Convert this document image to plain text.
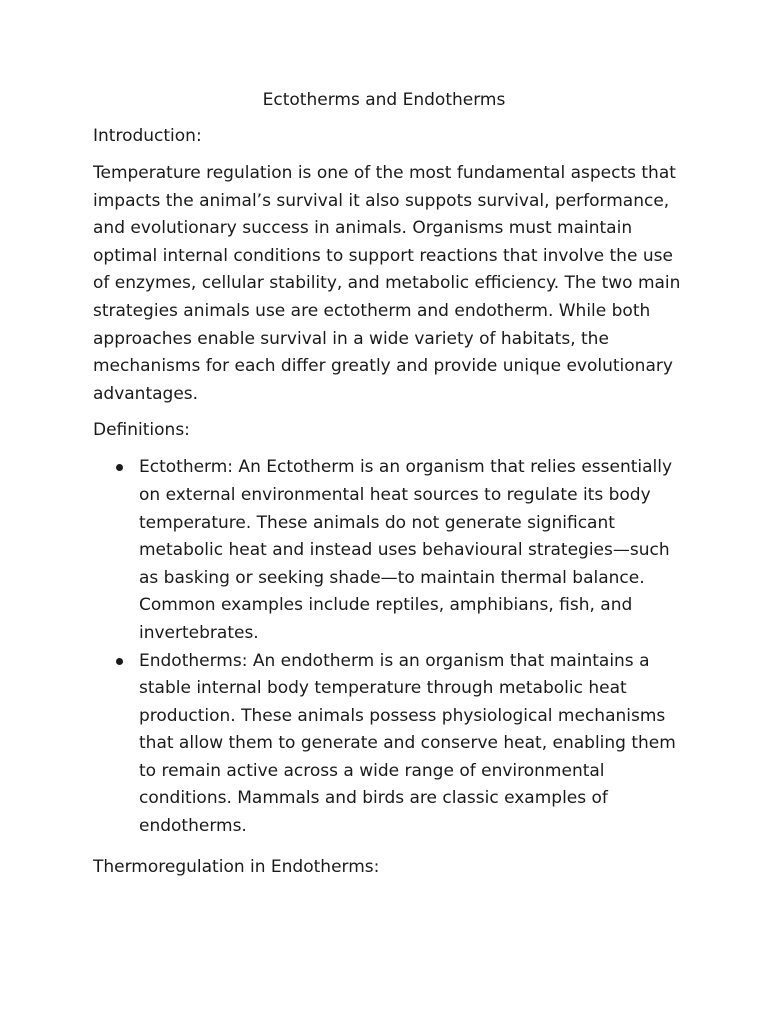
Ectotherms and Endotherms
Introduction:

Temperature regulation is one of the most fundamental aspects that impacts the animal’s survival it also suppots survival, performance, and evolutionary success in animals. Organisms must maintain optimal internal conditions to support reactions that involve the use of enzymes, cellular stability, and metabolic efficiency. The two main strategies animals use are ectotherm and endotherm. While both approaches enable survival in a wide variety of habitats, the mechanisms for each differ greatly and provide unique evolutionary advantages.

Definitions:
Ectotherm: An Ectotherm is an organism that relies essentially on external environmental heat sources to regulate its body temperature. These animals do not generate significant metabolic heat and instead uses behavioural strategies—such as basking or seeking shade—to maintain thermal balance. Common examples include reptiles, amphibians, fish, and invertebrates.
Endotherms: An endotherm is an organism that maintains a stable internal body temperature through metabolic heat production. These animals possess physiological mechanisms that allow them to generate and conserve heat, enabling them to remain active across a wide range of environmental conditions. Mammals and birds are classic examples of endotherms.
Thermoregulation in Endotherms:
